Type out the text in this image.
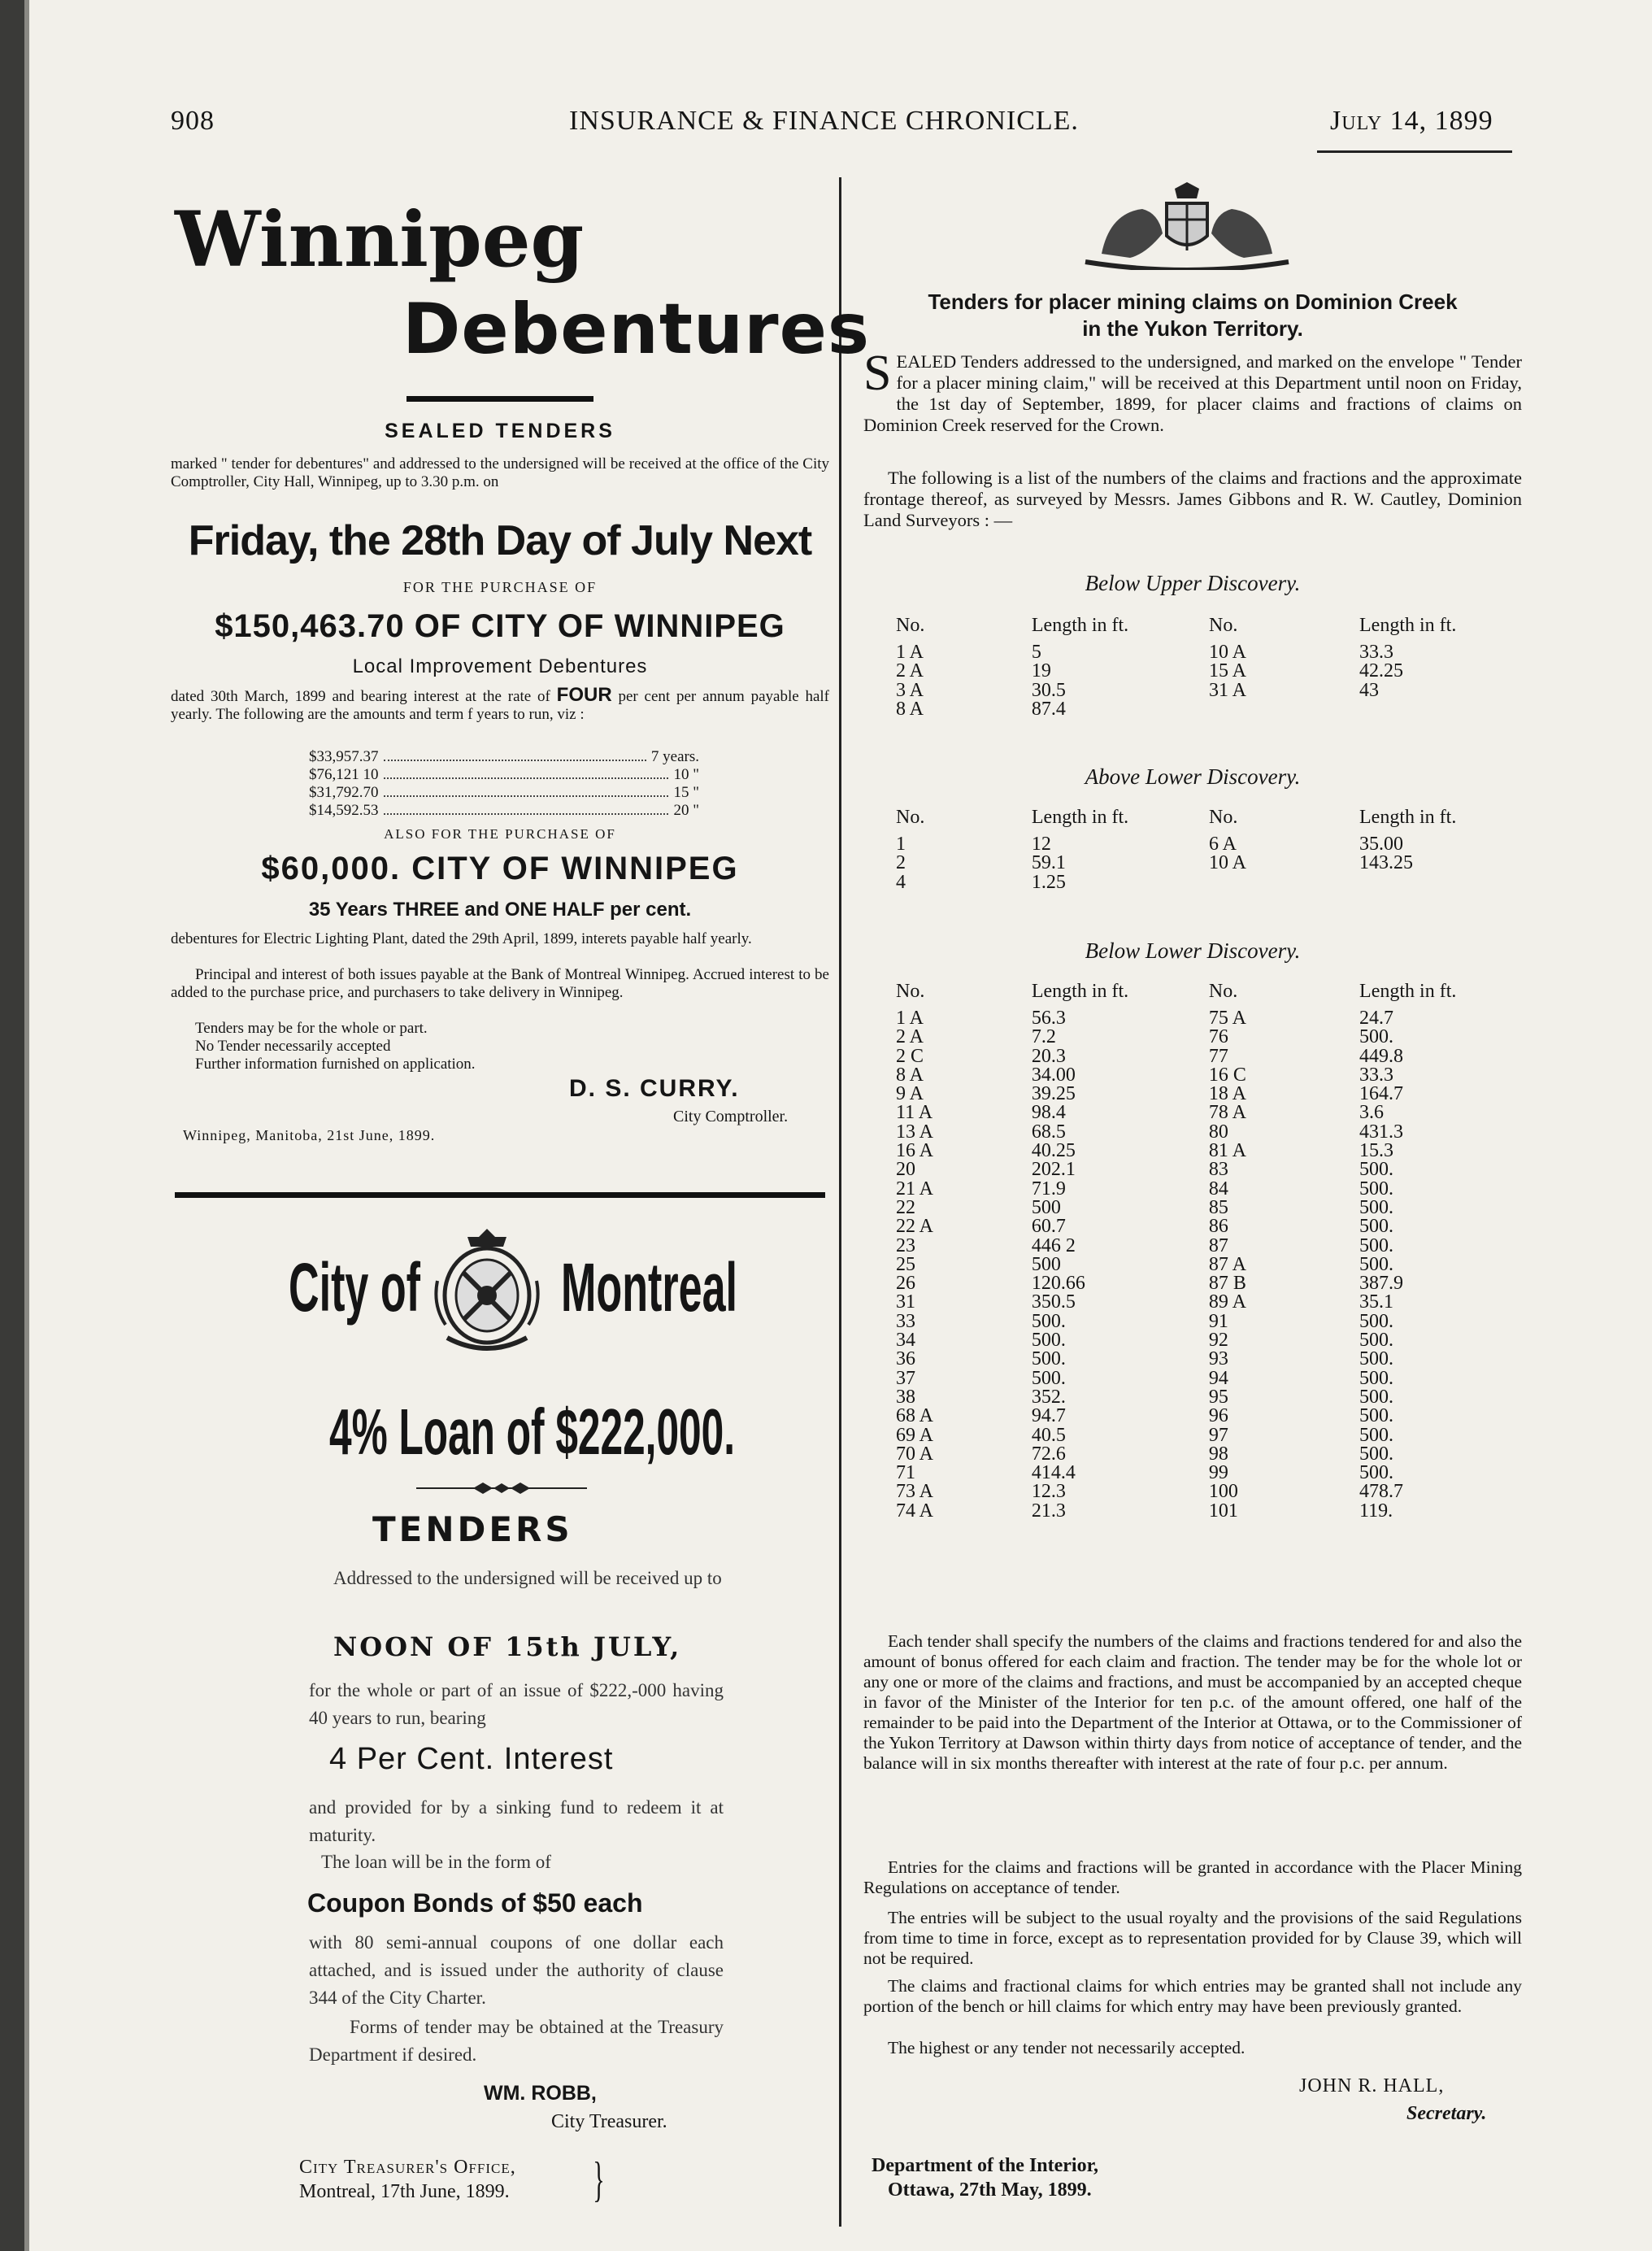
908	INSURANCE & FINANCE CHRONICLE.	July 14, 1899
Winnipeg
Debentures
SEALED TENDERS
marked " tender for debentures" and addressed to the undersigned will be received at the office of the City Comptroller, City Hall, Winnipeg, up to 3.30 p.m. on
Friday, the 28th Day of July Next
FOR THE PURCHASE OF
$150,463.70 OF CITY OF WINNIPEG
Local Improvement Debentures
dated 30th March, 1899 and bearing interest at the rate of FOUR per cent per annum payable half yearly. The following are the amounts and term f years to run, viz :
$33,957.37	7 years.
$76,121 10	10 "
$31,792.70	15 "
$14,592.53	20 "
ALSO FOR THE PURCHASE OF
$60,000. CITY OF WINNIPEG
35 Years THREE and ONE HALF per cent.
debentures for Electric Lighting Plant, dated the 29th April, 1899, interets payable half yearly.
Principal and interest of both issues payable at the Bank of Montreal Winnipeg. Accrued interest to be added to the purchase price, and purchasers to take delivery in Winnipeg.
Tenders may be for the whole or part.
No Tender necessarily accepted
Further information furnished on application.
D. S. CURRY.
City Comptroller.
Winnipeg, Manitoba, 21st June, 1899.
City of Montreal
4% Loan of $222,000.
TENDERS
Addressed to the undersigned will be received up to
NOON OF 15th JULY,
for the whole or part of an issue of $222,-000 having 40 years to run, bearing
4 Per Cent. Interest
and provided for by a sinking fund to redeem it at maturity.
The loan will be in the form of
Coupon Bonds of $50 each
with 80 semi-annual coupons of one dollar each attached, and is issued under the authority of clause 344 of the City Charter.
Forms of tender may be obtained at the Treasury Department if desired.
WM. ROBB,
City Treasurer.
City Treasurer's Office,
Montreal, 17th June, 1899. }
Tenders for placer mining claims on Dominion Creek
in the Yukon Territory.
SEALED Tenders addressed to the undersigned, and marked on the envelope " Tender for a placer mining claim," will be received at this Department until noon on Friday, the 1st day of September, 1899, for placer claims and fractions of claims on Dominion Creek reserved for the Crown.
The following is a list of the numbers of the claims and fractions and the approximate frontage thereof, as surveyed by Messrs. James Gibbons and R. W. Cautley, Dominion Land Surveyors : —
Below Upper Discovery.
No.	Length in ft.	No.	Length in ft.
1 A	5	10 A	33.3
2 A	19	15 A	42.25
3 A	30.5	31 A	43
8 A	87.4		
Above Lower Discovery.
No.	Length in ft.	No.	Length in ft.
1	12	6 A	35.00
2	59.1	10 A	143.25
4	1.25		
Below Lower Discovery.
No.	Length in ft.	No.	Length in ft.
1 A	56.3	75 A	24.7
2 A	7.2	76	500.
2 C	20.3	77	449.8
8 A	34.00	16 C	33.3
9 A	39.25	18 A	164.7
11 A	98.4	78 A	3.6
13 A	68.5	80	431.3
16 A	40.25	81 A	15.3
20	202.1	83	500.
21 A	71.9	84	500.
22	500	85	500.
22 A	60.7	86	500.
23	446 2	87	500.
25	500	87 A	500.
26	120.66	87 B	387.9
31	350.5	89 A	35.1
33	500.	91	500.
34	500.	92	500.
36	500.	93	500.
37	500.	94	500.
38	352.	95	500.
68 A	94.7	96	500.
69 A	40.5	97	500.
70 A	72.6	98	500.
71	414.4	99	500.
73 A	12.3	100	478.7
74 A	21.3	101	119.
Each tender shall specify the numbers of the claims and fractions tendered for and also the amount of bonus offered for each claim and fraction. The tender may be for the whole lot or any one or more of the claims and fractions, and must be accompanied by an accepted cheque in favor of the Minister of the Interior for ten p.c. of the amount offered, one half of the remainder to be paid into the Department of the Interior at Ottawa, or to the Commissioner of the Yukon Territory at Dawson within thirty days from notice of acceptance of tender, and the balance will in six months thereafter with interest at the rate of four p.c. per annum.
Entries for the claims and fractions will be granted in accordance with the Placer Mining Regulations on acceptance of tender.
The entries will be subject to the usual royalty and the provisions of the said Regulations from time to time in force, except as to representation provided for by Clause 39, which will not be required.
The claims and fractional claims for which entries may be granted shall not include any portion of the bench or hill claims for which entry may have been previously granted.
The highest or any tender not necessarily accepted.
JOHN R. HALL,
Secretary.
Department of the Interior,
Ottawa, 27th May, 1899.
